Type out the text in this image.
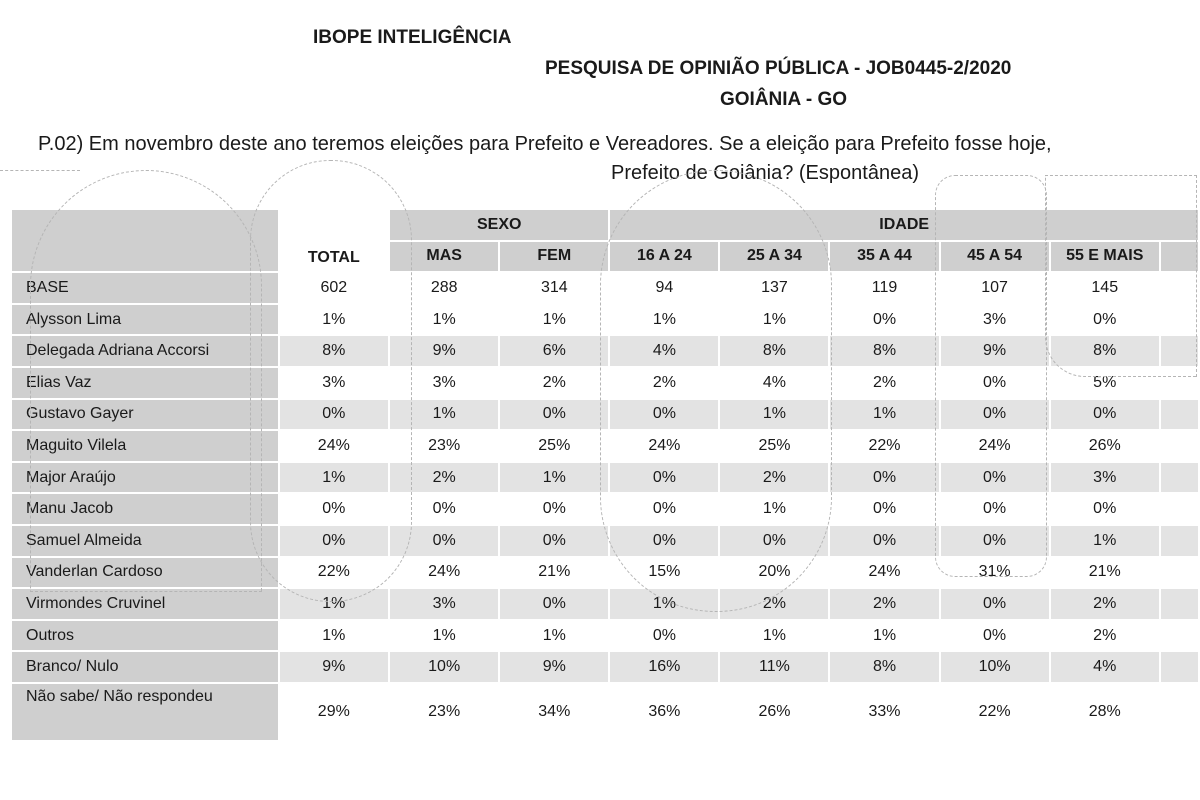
IBOPE INTELIGÊNCIA
PESQUISA DE OPINIÃO PÚBLICA - JOB0445-2/2020
GOIÂNIA - GO
P.02) Em novembro deste ano teremos eleições para Prefeito e Vereadores. Se a eleição para Prefeito fosse hoje,
Prefeito de Goiânia? (Espontânea)
	TOTAL	SEXO		IDADE					
		MAS	FEM	16 A 24	25 A 34	35 A 44	45 A 54	55 E MAIS	
BASE	602	288	314	94	137	119	107	145	
Alysson Lima	1%	1%	1%	1%	1%	0%	3%	0%	
Delegada Adriana Accorsi	8%	9%	6%	4%	8%	8%	9%	8%	
Elias Vaz	3%	3%	2%	2%	4%	2%	0%	5%	
Gustavo Gayer	0%	1%	0%	0%	1%	1%	0%	0%	
Maguito Vilela	24%	23%	25%	24%	25%	22%	24%	26%	
Major Araújo	1%	2%	1%	0%	2%	0%	0%	3%	
Manu Jacob	0%	0%	0%	0%	1%	0%	0%	0%	
Samuel Almeida	0%	0%	0%	0%	0%	0%	0%	1%	
Vanderlan Cardoso	22%	24%	21%	15%	20%	24%	31%	21%	
Virmondes Cruvinel	1%	3%	0%	1%	2%	2%	0%	2%	
Outros	1%	1%	1%	0%	1%	1%	0%	2%	
Branco/ Nulo	9%	10%	9%	16%	11%	8%	10%	4%	
Não sabe/ Não respondeu	29%	23%	34%	36%	26%	33%	22%	28%	
